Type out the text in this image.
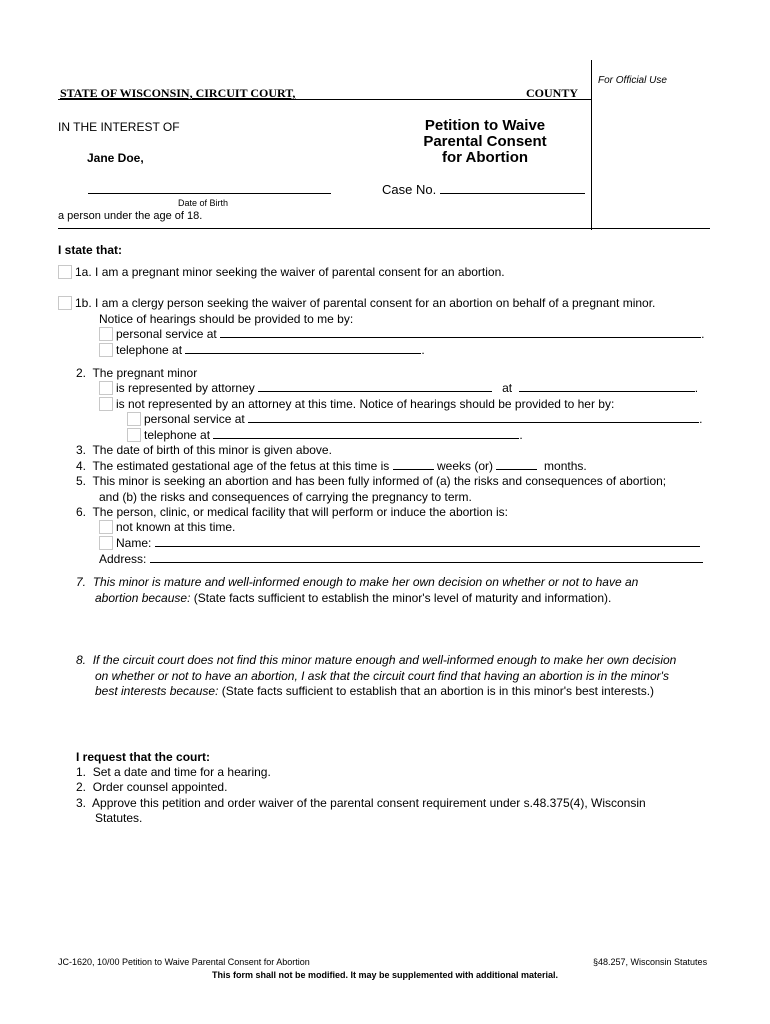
For Official Use
STATE OF WISCONSIN, CIRCUIT COURT,	COUNTY
IN THE INTEREST OF
Jane Doe,
Date of Birth
a person under the age of 18.
Petition to Waive
Parental Consent
for Abortion
Case No.
I state that:
1a. I am a pregnant minor seeking the waiver of parental consent for an abortion.
1b. I am a clergy person seeking the waiver of parental consent for an abortion on behalf of a pregnant minor.
Notice of hearings should be provided to me by:
personal service at	.
telephone at	.
2. The pregnant minor
is represented by attorney	at	.
is not represented by an attorney at this time. Notice of hearings should be provided to her by:
personal service at	.
telephone at	.
3. The date of birth of this minor is given above.
4. The estimated gestational age of the fetus at this time is	weeks (or)	months.
5. This minor is seeking an abortion and has been fully informed of (a) the risks and consequences of abortion;
and (b) the risks and consequences of carrying the pregnancy to term.
6. The person, clinic, or medical facility that will perform or induce the abortion is:
not known at this time.
Name:
Address:
7. This minor is mature and well-informed enough to make her own decision on whether or not to have an
abortion because: (State facts sufficient to establish the minor's level of maturity and information).
8. If the circuit court does not find this minor mature enough and well-informed enough to make her own decision
on whether or not to have an abortion, I ask that the circuit court find that having an abortion is in the minor's
best interests because: (State facts sufficient to establish that an abortion is in this minor's best interests.)
I request that the court:
1. Set a date and time for a hearing.
2. Order counsel appointed.
3. Approve this petition and order waiver of the parental consent requirement under s.48.375(4), Wisconsin
Statutes.
JC-1620, 10/00 Petition to Waive Parental Consent for Abortion	§48.257, Wisconsin Statutes
This form shall not be modified. It may be supplemented with additional material.
